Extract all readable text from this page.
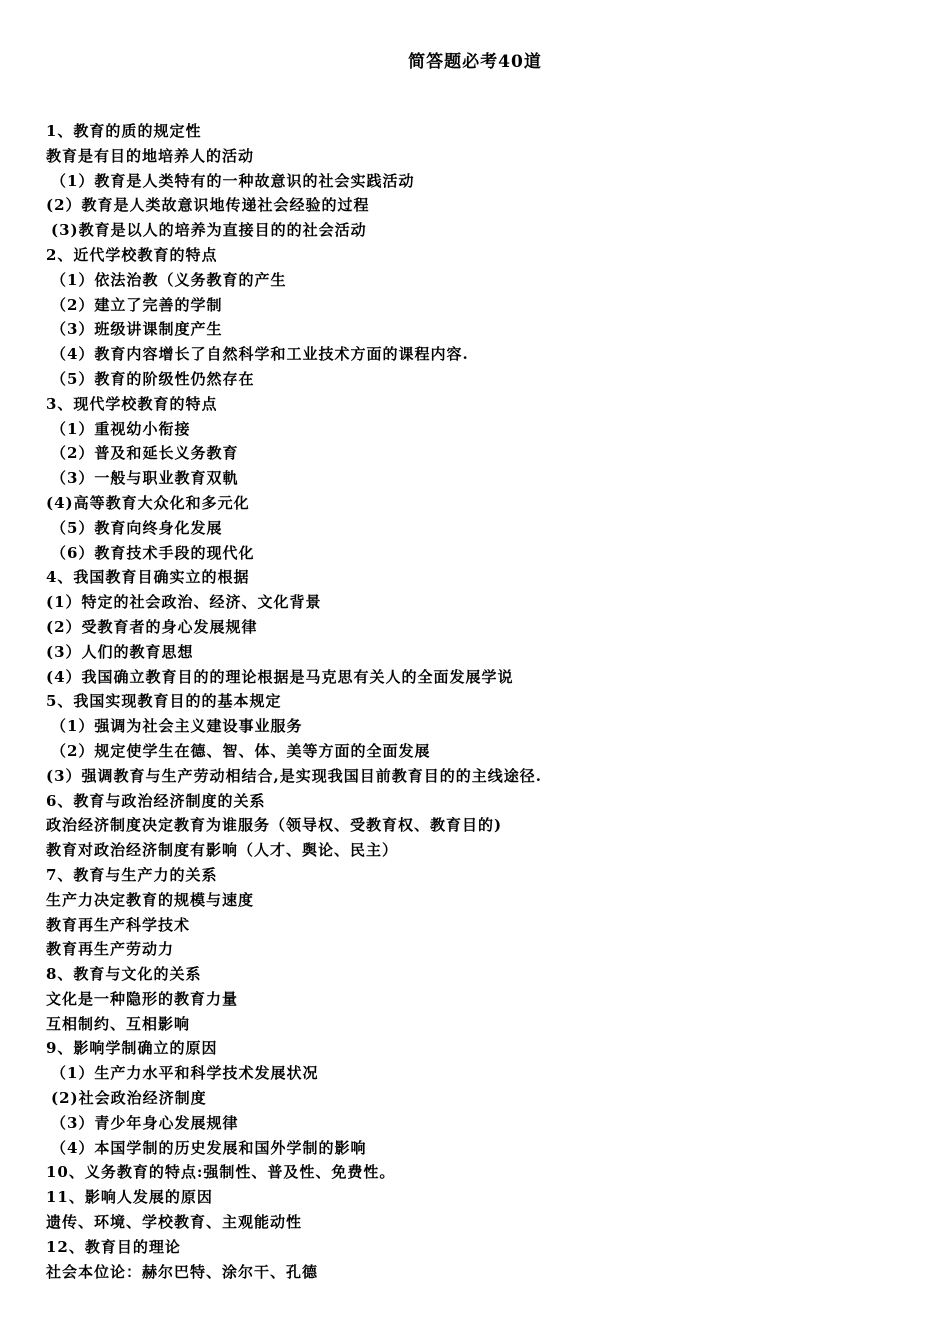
简答题必考40道
1、教育的质的规定性
教育是有目的地培养人的活动
（1）教育是人类特有的一种故意识的社会实践活动
(2）教育是人类故意识地传递社会经验的过程
(3)教育是以人的培养为直接目的的社会活动
2、近代学校教育的特点
（1）依法治教（义务教育的产生
（2）建立了完善的学制
（3）班级讲课制度产生
（4）教育内容增长了自然科学和工业技术方面的课程内容.
（5）教育的阶级性仍然存在
3、现代学校教育的特点
（1）重视幼小衔接
（2）普及和延长义务教育
（3）一般与职业教育双軌
(4)高等教育大众化和多元化
（5）教育向终身化发展
（6）教育技术手段的现代化
4、我国教育目确实立的根据
(1）特定的社会政治、经济、文化背景
(2）受教育者的身心发展规律
(3）人们的教育思想
(4）我国确立教育目的的理论根据是马克思有关人的全面发展学说
5、我国实现教育目的的基本规定
（1）强调为社会主义建设事业服务
（2）规定使学生在德、智、体、美等方面的全面发展
(3）强调教育与生产劳动相结合,是实现我国目前教育目的的主线途径.
6、教育与政治经济制度的关系
政治经济制度决定教育为谁服务（领导权、受教育权、教育目的)
教育对政治经济制度有影响（人才、舆论、民主）
7、教育与生产力的关系
生产力决定教育的规模与速度
教育再生产科学技术
教育再生产劳动力
8、教育与文化的关系
文化是一种隐形的教育力量
互相制约、互相影响
9、影响学制确立的原因
（1）生产力水平和科学技术发展状况
(2)社会政治经济制度
（3）青少年身心发展规律
（4）本国学制的历史发展和国外学制的影响
10、义务教育的特点:强制性、普及性、免费性。
11、影响人发展的原因
遗传、环境、学校教育、主观能动性
12、教育目的理论
社会本位论：赫尔巴特、涂尔干、孔德
